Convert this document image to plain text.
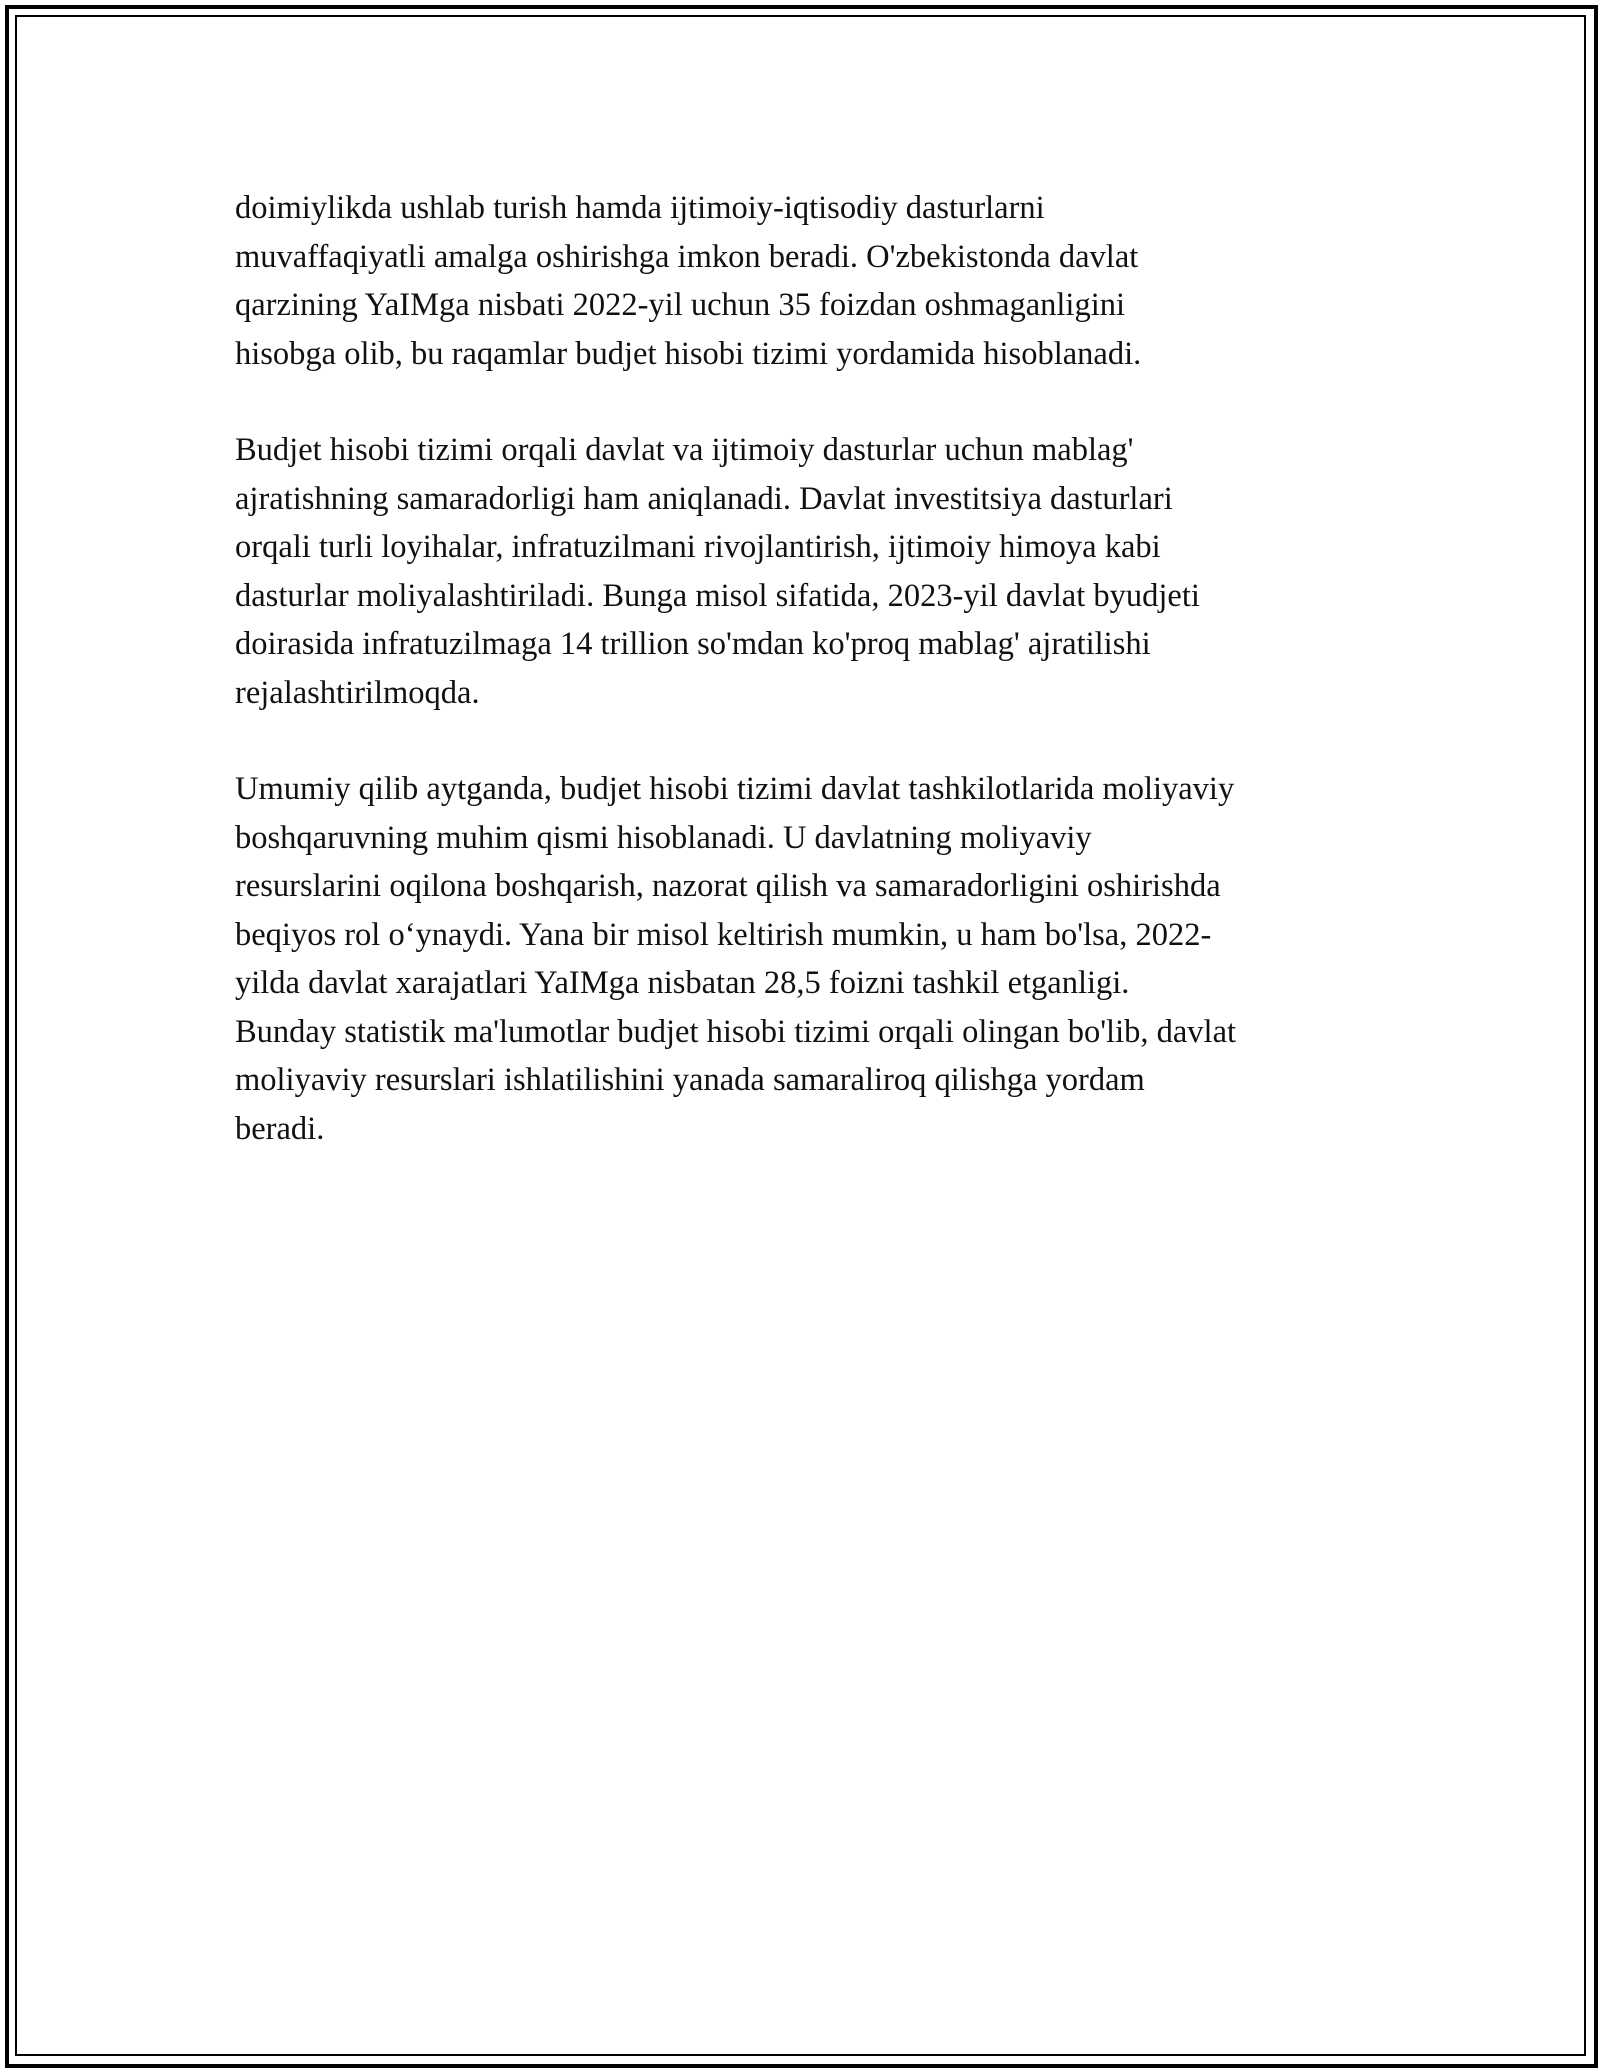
doimiylikda ushlab turish hamda ijtimoiy-iqtisodiy dasturlarni
muvaffaqiyatli amalga oshirishga imkon beradi. O'zbekistonda davlat
qarzining YaIMga nisbati 2022-yil uchun 35 foizdan oshmaganligini
hisobga olib, bu raqamlar budjet hisobi tizimi yordamida hisoblanadi.

Budjet hisobi tizimi orqali davlat va ijtimoiy dasturlar uchun mablag'
ajratishning samaradorligi ham aniqlanadi. Davlat investitsiya dasturlari
orqali turli loyihalar, infratuzilmani rivojlantirish, ijtimoiy himoya kabi
dasturlar moliyalashtiriladi. Bunga misol sifatida, 2023-yil davlat byudjeti
doirasida infratuzilmaga 14 trillion so'mdan ko'proq mablag' ajratilishi
rejalashtirilmoqda.

Umumiy qilib aytganda, budjet hisobi tizimi davlat tashkilotlarida moliyaviy
boshqaruvning muhim qismi hisoblanadi. U davlatning moliyaviy
resurslarini oqilona boshqarish, nazorat qilish va samaradorligini oshirishda
beqiyos rol o‘ynaydi. Yana bir misol keltirish mumkin, u ham bo'lsa, 2022-
yilda davlat xarajatlari YaIMga nisbatan 28,5 foizni tashkil etganligi.
Bunday statistik ma'lumotlar budjet hisobi tizimi orqali olingan bo'lib, davlat
moliyaviy resurslari ishlatilishini yanada samaraliroq qilishga yordam
beradi.
